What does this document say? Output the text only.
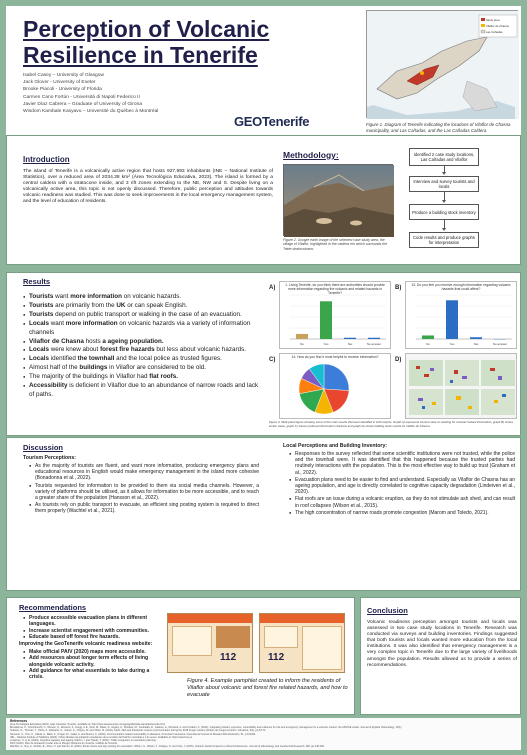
Perception of Volcanic
Resilience in Tenerife
Isabel Casey – University of Glasgow
Jack Glover - University of Exeter
Brooke Piacoli - University of Florida
Carmen Cano Fortún - Università di Napoli Federico II
Javier Díaz Cabrera – Graduate of University of Girona
Wisdom Kambale Kasyavu – Université du Québec à Montréal
GEOTenerife
Study area
Vilaflor de Chasna
Las Cañadas
Figure 1. Diagram of Tenerife indicating the locations of Vilaflor de Chasna municipality, and Las Cañadas, and the Las Cañadas Caldera.
Introduction
The island of Tenerife is a volcanically active region that hosts 927,993 inhabitants (INE – National Institute of Statistics), over a reduced area of 2034.38 km² (Área Tecnológica Educativa, 2023). The island is formed by a central caldera with a stratocone inside, and 3 rift zones extending to the NE, NW and S. Despite living on a volcanically active area, this topic is not openly discussed. Therefore, public perception and attitudes towards volcanic readiness was studied. This was done to seek improvements in the local emergency management system, and the level of education of residents.
Methodology:
Figure 2. Google earth image of the selected case study area, the village of Vilaflor, highlighted in the caldera rim which surrounds the Teide stratovolcano.
Identified 2 case study locations, Las Cañadas and Vilaflor
Interview and survey tourists and locals
Produce a building stock inventory
Code results and produce graphs for interpretation
Results
● Tourists want more information on volcanic hazards.
● Tourists are primarily from the UK or can speak English.
● Tourists depend on public transport or walking in the case of an evacuation.
● Locals want more information on volcanic hazards via a variety of information channels
● Vilaflor de Chasna hosts a ageing population.
● Locals were knew about forest fire hazards but less about volcanic hazards.
● Locals identified the townhall and the local police as trusted figures.
● Almost half of the buildings in Vilaflor are considered to be old.
● The majority of the buildings in Vilaflor had flat roofs.
● Accessibility is deficient in Vilaflor due to an abundance of narrow roads and lack of paths.
A)	1. Living Tenerife, do you think there are authorities should provide more information regarding the volcanic and related hazards in Tenerife?
No	Yes	Nei	No answer
B)	13. Do you feel you receive enough information regarding volcanic hazards that could affect?
No	Yes	Nei	No answer
C)	14. How do you find it most helpful to receive information?	D)
Figure 3. Multi-panel figure showing some of the main results that were identified in both reports. Graph A) represents tourist's view on wanting for volcanic hazard information, graph B) shows locals' views, graph C) shows preferred information channels and graph D) shows building stock results for Vilaflor de Chasna.
Discussion
Tourism Perceptions:
● As the majority of tourists are fluent, and want more information, producing emergency plans and educational resources in English would make emergency management in the island more cohesive (Bonadonna et al., 2022).
● Tourists requested for information to be provided to them via social media channels. However, a variety of platforms should be utilised, as it allows for information to be more accessible, and to reach a greater share of the population (Hansson et al., 2022).
● As tourists rely on public transport to evacuate, an efficient sing posting system is required to direct them properly (Wachtel et al., 2021).
Local Perceptions and Building Inventory:
● Responses to the survey reflected that some scientific institutions were not trusted, while the police and the townhall were. It was identified that this happened because the trusted parties had routinely interactions with the population. This is the most effective way to build up trust (Graham et al., 2022).
● Evacuation plans need to be easier to find and understand. Especially as Vilaflor de Chasna has an ageing population, and age is directly correlated to cognitive capacity degradation (Lindeiven et al., 2020).
● Flat roofs are an issue during a volcanic eruption, as they do not stimulate ash shed, and can result in roof collapses (Wilson et al., 2015).
● The high concentration of narrow roads promote congestion (Marom and Toledo, 2021).
Recommendations
● Produce accessible evacuation plans in different languages.
● Increase scientist engagement with communities.
● Educate based off forest fire hazards.
Improving the GeoTenerife volcanic readiness website:
● Make official PAIV (2020) maps more accessible.
● Add resources about longer term effects of living alongside volcanic activity.
● Add guidance for what essentials to take during a crisis.
112	112
Figure 4. Example pamphlet created to inform the residents of Vilaflor about volcanic and forest fire related hazards, and how to evacuate
Conclusion
Volcanic readiness perception amongst tourists and locals was assessed in two case study locations in Tenerife. Research was conducted via surveys and building inventories. Findings suggested that both tourists and locals wanted more education from the local institutions. It was also identified that emergency management is a very complex topic in Tenerife due to the large variety of livelihoods amongst the population. Results allowed us to provide a series of recommendations.
References
Área Tecnológica Educativa (2023). Islas Canarias. Tenerife. Available at: http://www.areaciencias.com/geografia/islas-canarias/tenerife.html
Bonadonna, C., Frischknecht, C., Menoni, S., Romerio, F., Gregg, C.E., Rosi, M., Biass, S., Asgary, A., Pistolesi, M., Guobadia, D., Gattuso, A., Ricciardi, A. and Cristiani, C. (2021). Integrating hazard, exposure, vulnerability and resilience for risk and emergency management in a volcanic context: the ADVISE model. Journal of Applied Volcanology, 10(1).
Graham, O., Thomas, T., Hicks, A., Edwards, S., Juarez, A., Chigna, W. and Viñas, M. (2022). Facts, faith and Facebook: science communication during the 2018 Fuego volcano (Volcán de Fuego) eruption. Volcanica, 5(1), pp.53-72.
Hansson, S., Orru, K., Siibak, A., Bäck, A., Krüger, M., Gabel, F. and Morsut, C. (2020). Communication-related vulnerability to disasters: A heuristic framework. International Journal of Disaster Risk Reduction, 51, p.101931.
INE – National Institute of Statistics (2023). Cifras oficiales de población resultantes de la revisión del Padrón municipal a 1 de enero. Available at: https://www.ine.es
Lindeiven, S. et al. (2020). Cognitive capacity and ageing. Marom, I. and Toledo, T. (2021). Traffic congestion in evacuation planning.
PAIV (2020). Plan de Actuación Insular ante el Riesgo Volcánico de Tenerife. Cabildo de Tenerife.
Wachtel, G., Noy, A., Dubois, E., Zhou, H. and Farmer, R. (2021). Route choice and sign posting for evacuation. Wilson, G., Wilson, T., Deligne, N. and Cole, J. (2015). Volcanic hazard impacts to critical infrastructure. Journal of Volcanology and Geothermal Research, 286, pp.148-182.
